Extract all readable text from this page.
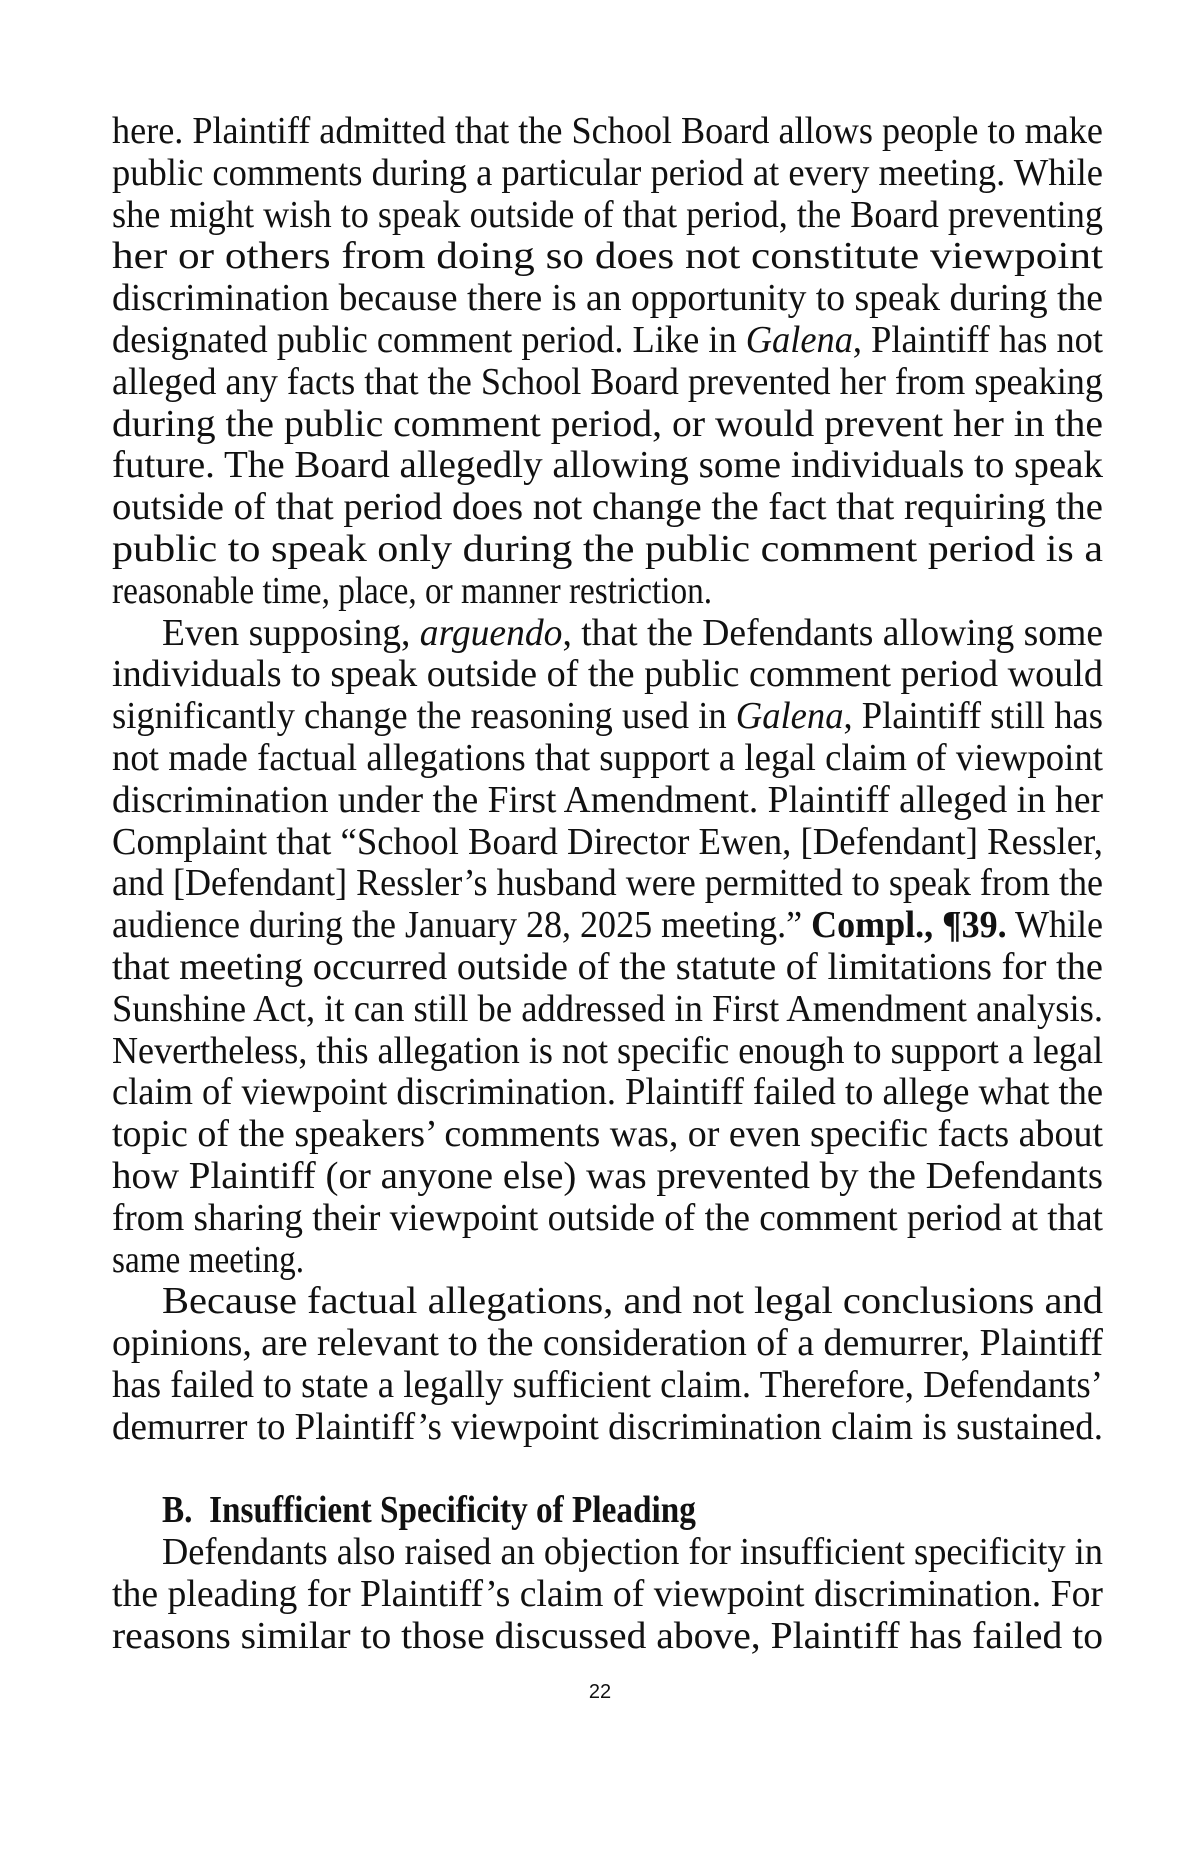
here. Plaintiff admitted that the School Board allows people to make
public comments during a particular period at every meeting. While
she might wish to speak outside of that period, the Board preventing
her or others from doing so does not constitute viewpoint
discrimination because there is an opportunity to speak during the
designated public comment period. Like in Galena, Plaintiff has not
alleged any facts that the School Board prevented her from speaking
during the public comment period, or would prevent her in the
future. The Board allegedly allowing some individuals to speak
outside of that period does not change the fact that requiring the
public to speak only during the public comment period is a
reasonable time, place, or manner restriction.
Even supposing, arguendo, that the Defendants allowing some
individuals to speak outside of the public comment period would
significantly change the reasoning used in Galena, Plaintiff still has
not made factual allegations that support a legal claim of viewpoint
discrimination under the First Amendment. Plaintiff alleged in her
Complaint that “School Board Director Ewen, [Defendant] Ressler,
and [Defendant] Ressler’s husband were permitted to speak from the
audience during the January 28, 2025 meeting.” Compl., ¶39. While
that meeting occurred outside of the statute of limitations for the
Sunshine Act, it can still be addressed in First Amendment analysis.
Nevertheless, this allegation is not specific enough to support a legal
claim of viewpoint discrimination. Plaintiff failed to allege what the
topic of the speakers’ comments was, or even specific facts about
how Plaintiff (or anyone else) was prevented by the Defendants
from sharing their viewpoint outside of the comment period at that
same meeting.
Because factual allegations, and not legal conclusions and
opinions, are relevant to the consideration of a demurrer, Plaintiff
has failed to state a legally sufficient claim. Therefore, Defendants’
demurrer to Plaintiff’s viewpoint discrimination claim is sustained.
B.  Insufficient Specificity of Pleading
Defendants also raised an objection for insufficient specificity in
the pleading for Plaintiff’s claim of viewpoint discrimination. For
reasons similar to those discussed above, Plaintiff has failed to
22
